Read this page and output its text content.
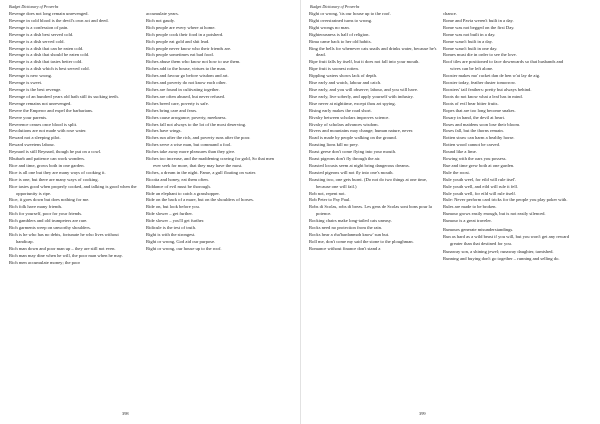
Budget Dictionary of Proverbs
Revenge does not long remain unrevenged.
Revenge in cold blood is the devil's own act and deed.
Revenge is a confession of pain.
Revenge is a dish best served cold.
Revenge is a dish served cold.
Revenge is a dish that can be eaten cold.
Revenge is a dish that should be eaten cold.
Revenge is a dish that tastes better cold.
Revenge is a dish which is best served cold.
Revenge is new wrong.
Revenge is sweet.
Revenge is the best revenge.
Revenge of an hundred years old hath still its sucking teeth.
Revenge remains not unrevenged.
Revere the Emperor and expel the barbarians.
Revere your parents.
Reverence ceases once blood is split.
Revolutions are not made with rose water.
Reward not a sleeping pilot.
Reward sweetens labour.
Reynard is still Reynard, though he put on a cowl.
Rhubarb and patience can work wonders.
Rice and time, grows both in one garden.
Rice is all one but they are many ways of cooking it.
Rice is one, but there are many ways of cooking.
Rice tastes good when properly cooked, and talking is good when the opportunity is ripe.
Rice, it goes down but does nothing for me.
Rich folk have many friends.
Rich for yourself, poor for your friends.
Rich gamblers and old trumpeters are rare.
Rich garments weep on unworthy shoulders.
Rich is he who has no debts, fortunate he who lives without handicap.
Rich man down and poor man up – they are still not even.
Rich man may dine when he will, the poor man when he may.
Rich men accumulate money; the poor
accumulate years.
Rich not gaudy.
Rich people are every where at home.
Rich people cook their food in a potsherd.
Rich people eat gold and shit lead.
Rich people never know who their friends are.
Rich people sometimes eat bad food.
Riches abuse them who know not how to use them.
Riches add to the house, virtues to the man.
Riches and favour go before wisdom and art.
Riches and poverty do not know each other.
Riches are found in cultivating together.
Riches are often abused, but never refused.
Riches breed care, poverty is safe.
Riches bring care and fears.
Riches cause arrogance; poverty, meekness.
Riches fall not always to the lot of the most deserving.
Riches have wings.
Riches run after the rich, and poverty runs after the poor.
Riches serve a wise man, but command a fool.
Riches take away more pleasures than they give.
Riches too increase, and the maddening craving for gold, So that men ever seek for more, that they may have the most.
Riches, a dream in the night. Fame, a gull floating on water.
Ricotta and honey, eat them often.
Riddance of evil must be thorough.
Ride an elephant to catch a grasshopper.
Ride on the back of a mare, but on the shoulders of horses.
Ride on, but look before you.
Ride slower – get further.
Ride slower – you'll get further.
Ridicule is the test of truth.
Right is with the strongest.
Right or wrong, God aid our purpose.
Right or wrong, our house up to the roof.
398
Budget Dictionary of Proverbs
Right or wrong, 'tis our house up to the roof.
Right overstrained turns to wrong.
Right wrongs no man.
Righteousness is half of religion.
Rima came back to her old habits.
Ring the bells for whenever cats snails and drinks water, because he's dead.
Ripe fruit falls by itself, but it does not fall into your mouth.
Ripe fruit is soonest rotten.
Rippling waters shows lack of depth.
Rise early and watch, labour and catch.
Rise early, and you will observe; labour, and you will have.
Rise early, live soberly, and apply yourself with industry.
Rise never at nighttime, except thou art spying.
Rising early makes the road short.
Rivalry between scholars improves science.
Rivalry of scholars advances wisdom.
Rivers and mountains may change; human nature, never.
Road is made by people walking on the ground.
Roasting lions kill no prey.
Roast geese don't come flying into your mouth.
Roast pigeons don't fly through the air.
Roasted locusts seem at night bring dangerous dreams.
Roasted pigeons will not fly into one's mouth.
Roasting two, one gets burnt. (Do not do two things at one time, because one will fail.)
Rob not, repent not.
Rob Peter to Pay Paul.
Robs di Scolas, robs di brezs. Les gens de Scolas sont bons pour la potence.
Rocking chairs make long-tailed cats uneasy.
Rocks need no protection from the rain.
Rocks hear a rha'bardanmoh know' sun but.
Roll me, don't come my said the stone to the ploughman.
Romance without finance don't stand a
chance.
Rome and Pavia weren't built in a day.
Rome was not begged on the first Day.
Rome was not built in a day.
Rome wasn't built in a day.
Rome wasn't built in one day.
Romes must die in order to see the love.
Roof tiles are positioned to face downwards so that husbands and wives can be left alone.
Rooster makes mo' racket dan de hen w'at lay de aig.
Rooster today, feather duster tomorrow.
Roosters' tail feathers: pretty but always behind.
Roots do not know what a leaf has in mind.
Roots of evil bear bitter fruits.
Ropes that are too long become snakes.
Rosary in hand, the devil at heart.
Roses and maidens soon lose their bloom.
Roses fall, but the thorns remain.
Rotten straw can harm a healthy horse.
Rotten wood cannot be carved.
Round like a lime.
Rowing with the oars you possess.
Rue and time grew both at one garden.
Rule the roost.
Rule youth weel, for eild will rule itsel'.
Rule youth well, and eild will rule it fell.
Rule youth well, for eild will rule itself.
Rule: Never perform card tricks for the people you play poker with.
Rules are made to be broken.
Rumour grows easily enough, but is not easily silenced.
Rumour is a great traveler.
Rumours generate misunderstandings.
Run as hard as a wild beast if you will, but you won't get any reward greater than that destined for you.
Runaway son, a shining jewel; runaway daughter, tarnished.
Running and buying don't go together – running and selling do.
399
